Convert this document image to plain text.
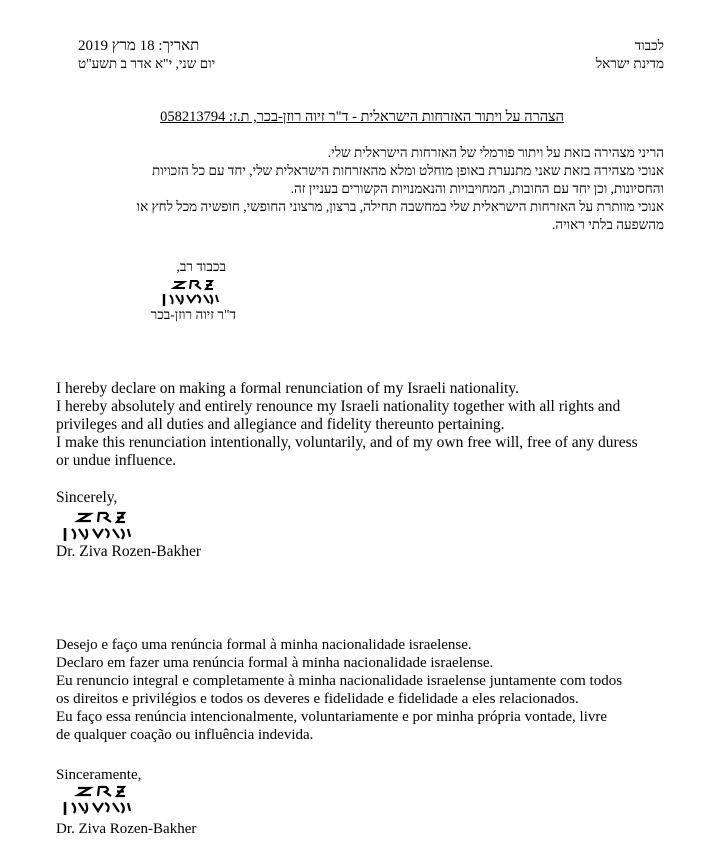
לכבוד
מדינת ישראל
תאריך: 18 מרץ 2019
יום שני, י"א אדר ב תשע"ט
הצהרה על ויתור האזרחות הישראלית - ד"ר זיוה רוזן-בכר, ת.ז: 058213794
הריני מצהירה בזאת על ויתור פורמלי של האזרחות הישראלית שלי.
אנוכי מצהירה בזאת שאני מתנערת באופן מוחלט ומלא מהאזרחות הישראלית שלי, יחד עם כל הזכויות
והחסיונות, וכן יחד עם החובות, המחויבויות והנאמנויות הקשורים בעניין זה.
אנוכי מוותרת על האזרחות הישראלית שלי במחשבה תחילה, ברצון, מרצוני החופשי, חופשיה מכל לחץ או
מהשפעה בלתי ראויה.
בכבוד רב,
ד"ר זיוה רוזן-בכר
I hereby declare on making a formal renunciation of my Israeli nationality.
I hereby absolutely and entirely renounce my Israeli nationality together with all rights and
privileges and all duties and allegiance and fidelity thereunto pertaining.
I make this renunciation intentionally, voluntarily, and of my own free will, free of any duress
or undue influence.
Sincerely,
Dr. Ziva Rozen-Bakher
Desejo e faço uma renúncia formal à minha nacionalidade israelense.
Declaro em fazer uma renúncia formal à minha nacionalidade israelense.
Eu renuncio integral e completamente à minha nacionalidade israelense juntamente com todos
os direitos e privilégios e todos os deveres e fidelidade e fidelidade a eles relacionados.
Eu faço essa renúncia intencionalmente, voluntariamente e por minha própria vontade, livre
de qualquer coação ou influência indevida.
Sinceramente,
Dr. Ziva Rozen-Bakher
